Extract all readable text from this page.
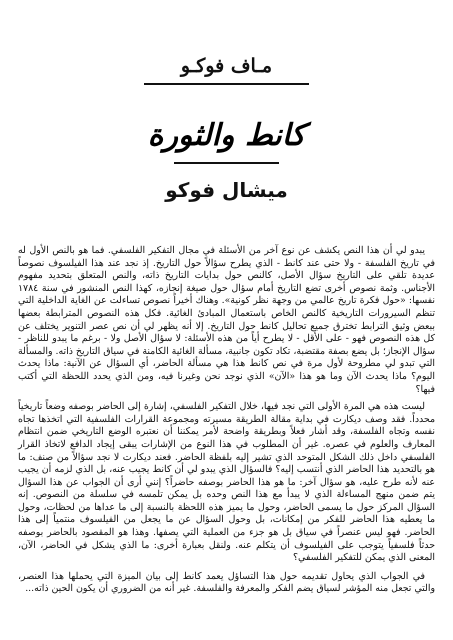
مـاف فوكـو
كانط والثورة
ميشال فوكو

يبدو لي أن هذا النص يكشف عن نوع آخر من الأسئلة في مجال التفكير الفلسفي. فما هو بالنص الأول له في تاريخ الفلسفة - ولا حتى عند كانط - الذي يطرح سؤالاً حول التاريخ. إذ نجد عند هذا الفيلسوف نصوصاً عديدة تلقي على التاريخ سؤال الأصل، كالنص حول بدايات التاريخ ذاته، والنص المتعلق بتحديد مفهوم الأجناس. وثمة نصوص أخرى تضع التاريخ أمام سؤال حول صيغة إنجازه، كهذا النص المنشور في سنة ١٧٨٤ نفسها: «حول فكرة تاريخ عالمي من وجهة نظر كونية». وهناك أخيراً نصوص تساءلت عن الغاية الداخلية التي تنظم السيرورات التاريخية كالنص الخاص باستعمال المبادئ الغائية. فكل هذه النصوص المترابطة بعضها ببعض وثيق الترابط تخترق جميع تحاليل كانط حول التاريخ. إلا أنه يظهر لي أن نص عصر التنوير يختلف عن كل هذه النصوص فهو - على الأقل - لا يطرح أياً من هذه الأسئلة: لا سؤال الأصل ولا - برغم ما يبدو للناظر - سؤال الإنجاز؛ بل يضع بصفة مقتضبة، تكاد تكون جانبية، مسألة الغائية الكامنة في سياق التاريخ ذاته. والمسألة التي تبدو لي مطروحة لأول مرة في نص كانط هذا هي مسألة الحاضر، أي السؤال عن الآنية: ماذا يحدث اليوم؟ ماذا يحدث الآن وما هو هذا «الآن» الذي نوجد نحن وغيرنا فيه، ومن الذي يحدد اللحظة التي أكتب فيها؟

ليست هذه هي المرة الأولى التي نجد فيها، خلال التفكير الفلسفي، إشارة إلى الحاضر بوصفه وضعاً تاريخياً محدداً. فقد وصف ديكارت في بداية مقالة الطريقة مسيرته ومجموعة القرارات الفلسفية التي اتخذها تجاه نفسه وتجاه الفلسفة، وقد أشار فعلاً وبطريقة واضحة لأمر يمكننا أن نعتبره الوضع التاريخي ضمن انتظام المعارف والعلوم في عصره. غير أن المطلوب في هذا النوع من الإشارات يبقى إيجاد الدافع لاتخاذ القرار الفلسفي داخل ذلك الشكل المتوحد الذي تشير إليه بلفظة الحاضر. فعند ديكارت لا نجد سؤالاً من صنف: ما هو بالتحديد هذا الحاضر الذي أنتسب إليه؟ فالسؤال الذي يبدو لي أن كانط يجيب عنه، بل الذي لزمه أن يجيب عنه لأنه طرح عليه، هو سؤال آخر: ما هو هذا الحاضر بوصفه حاضراً؟ إنني أرى أن الجواب عن هذا السؤال يتم ضمن منهج المساءلة الذي لا يبدأ مع هذا النص وحده بل يمكن تلمسه في سلسلة من النصوص. إنه السؤال المركز حول ما يسمى الحاضر، وحول ما يميز هذه اللحظة بالنسبة إلى ما عداها من لحظات، وحول ما يعطيه هذا الحاضر للفكر من إمكانات، بل وحول السؤال عن ما يجعل من الفيلسوف منتمياً إلى هذا الحاضر. فهو ليس عنصراً في سياق بل هو جزء من العملية التي يصفها. وهذا هو المقصود بالحاضر بوصفه حدثاً فلسفياً يتوجب على الفيلسوف أن يتكلم عنه. ولنقل بعبارة أخرى: ما الذي يشكل في الحاضر، الآن، المعنى الذي يمكن للتفكير الفلسفي؟

في الجواب الذي يحاول تقديمه حول هذا التساؤل يعمد كانط إلى بيان الميزة التي يحملها هذا العنصر، والتي تجعل منه المؤشر لسياق يضم الفكر والمعرفة والفلسفة. غير أنه من الضروري أن يكون الحين ذاته...
